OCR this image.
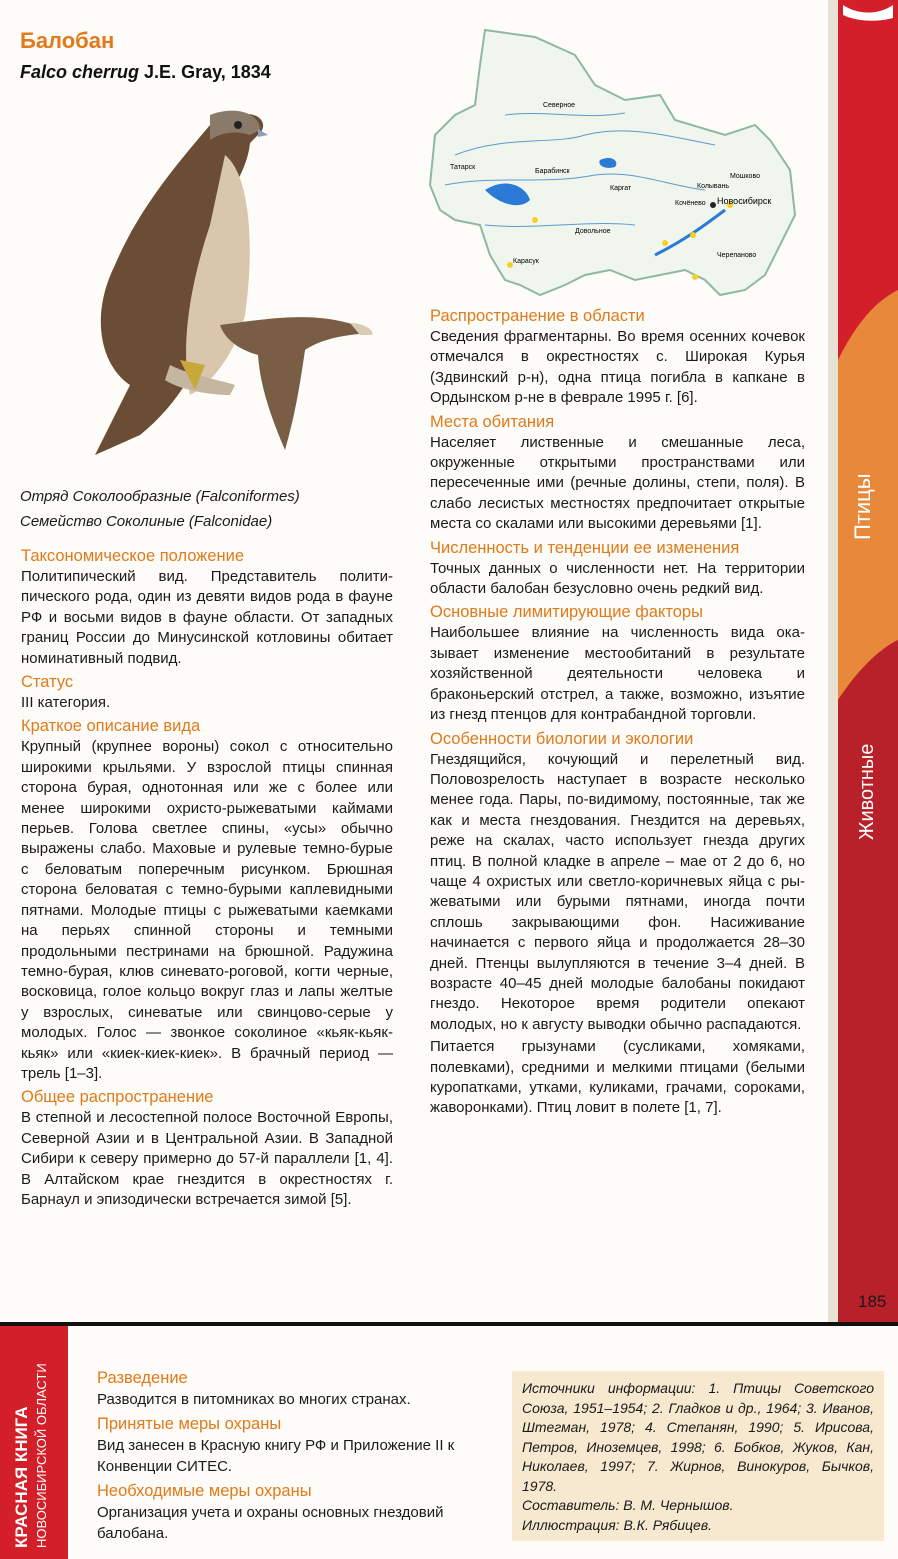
Балобан
Falco cherrug J.E. Gray, 1834
Отряд Соколообразные (Falconiformes)
Семейство Соколиные (Falconidae)
Северное
Татарск
Барабинск
Каргат	Колывань
Мошково
Новосибирск
Кочёнево
Довольное
Карасук
Черепаново
Таксономическое положение

Политипический вид. Представитель политипического рода, один из девяти видов рода в фауне РФ и восьми видов в фауне области. От западных границ России до Минусинской котловины обитает номинативный подвид.

Статус

III категория.

Краткое описание вида

Крупный (крупнее вороны) сокол с относительно широкими крыльями. У взрослой птицы спинная сторона бурая, однотонная или же с более или менее широкими охристо-рыжеватыми каймами перьев. Голова светлее спины, «усы» обычно выражены слабо. Маховые и рулевые темно-бурые с беловатым поперечным рисунком. Брюшная сторона беловатая с темно-бурыми каплевидными пятнами. Молодые птицы с рыжеватыми каемками на перьях спинной стороны и темными продольными пестринами на брюшной. Радужина темно-бурая, клюв синевато-роговой, когти черные, восковица, голое кольцо вокруг глаз и лапы желтые у взрослых, синеватые или свинцово-серые у молодых. Голос — звонкое соколиное «кьяк-кьяк-кьяк» или «киек-киек-киек». В брачный период — трель [1–3].

Общее распространение

В степной и лесостепной полосе Восточной Европы, Северной Азии и в Центральной Азии. В Западной Сибири к северу примерно до 57-й параллели [1, 4]. В Алтайском крае гнездится в окрестностях г. Барнаул и эпизодически встречается зимой [5].

Распространение в области

Сведения фрагментарны. Во время осенних кочевок отмечался в окрестностях с. Широкая Курья (Здвинский р-н), одна птица погибла в капкане в Ордынском р-не в феврале 1995 г. [6].

Места обитания

Населяет лиственные и смешанные леса, окруженные открытыми пространствами или пересеченные ими (речные долины, степи, поля). В слабо лесистых местностях предпочитает открытые места со скалами или высокими деревьями [1].

Численность и тенденции ее изменения

Точных данных о численности нет. На территории области балобан безусловно очень редкий вид.

Основные лимитирующие факторы

Наибольшее влияние на численность вида оказывает изменение местообитаний в результате хозяйственной деятельности человека и браконьерский отстрел, а также, возможно, изъятие из гнезд птенцов для контрабандной торговли.

Особенности биологии и экологии

Гнездящийся, кочующий и перелетный вид. Половозрелость наступает в возрасте несколько менее года. Пары, по-видимому, постоянные, так же как и места гнездования. Гнездится на деревьях, реже на скалах, часто использует гнезда других птиц. В полной кладке в апреле – мае от 2 до 6, но чаще 4 охристых или светло-коричневых яйца с рыжеватыми или бурыми пятнами, иногда почти сплошь закрывающими фон. Насиживание начинается с первого яйца и продолжается 28–30 дней. Птенцы вылупляются в течение 3–4 дней. В возрасте 40–45 дней молодые балобаны покидают гнездо. Некоторое время родители опекают молодых, но к августу выводки обычно распадаются.

Питается грызунами (сусликами, хомяками, полевками), средними и мелкими птицами (белыми куропатками, утками, куликами, грачами, сороками, жаворонками). Птиц ловит в полете [1, 7].

Птицы
Животные
185
КРАСНАЯ КНИГА НОВОСИБИРСКОЙ ОБЛАСТИ	Разведение

Разводится в питомниках во многих странах.

Принятые меры охраны

Вид занесен в Красную книгу РФ и Приложение II к Конвенции СИТЕС.

Необходимые меры охраны

Организация учета и охраны основных гнездовий балобана.

Источники информации: 1. Птицы Советского Союза, 1951–1954; 2. Гладков и др., 1964; 3. Иванов, Штегман, 1978; 4. Степанян, 1990; 5. Ирисова, Петров, Иноземцев, 1998; 6. Бобков, Жуков, Кан, Николаев, 1997; 7. Жирнов, Винокуров, Бычков, 1978.

Составитель: В. М. Чернышов.

Иллюстрация: В.К. Рябицев.
